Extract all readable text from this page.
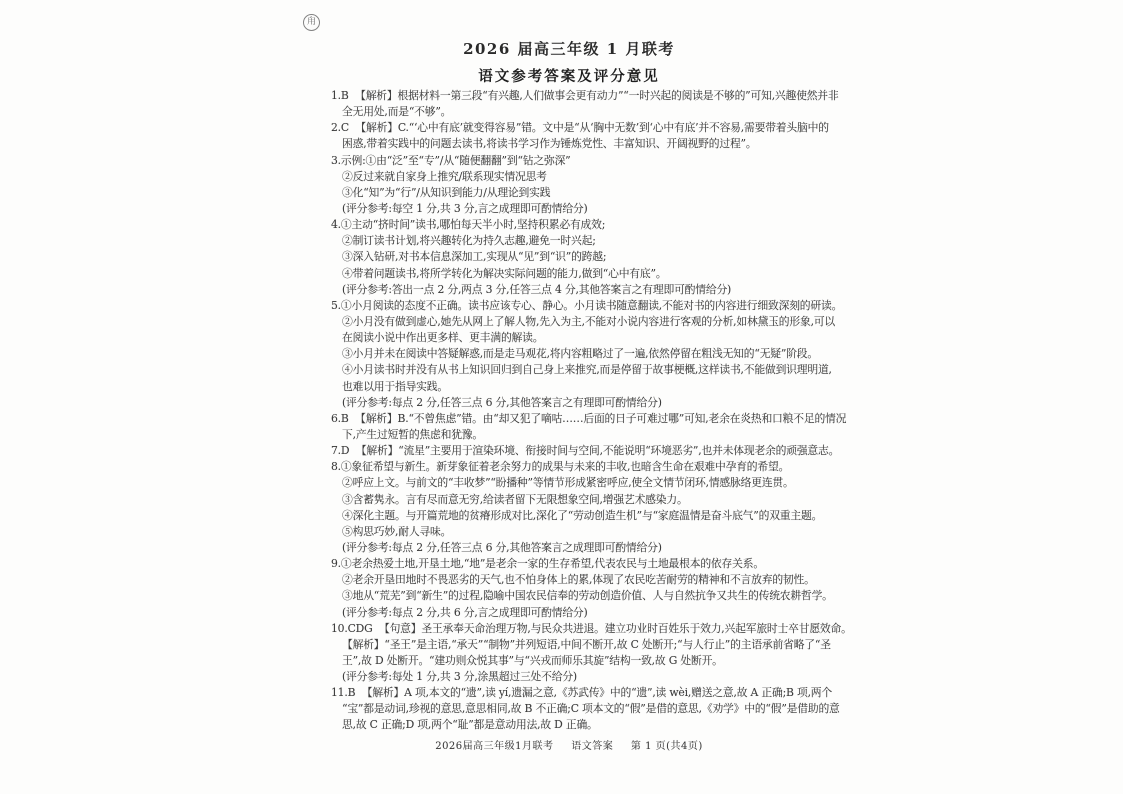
甪
2026 届高三年级 1 月联考
语文参考答案及评分意见
1.B  【解析】根据材料一第三段“有兴趣,人们做事会更有动力”“一时兴起的阅读是不够的”可知,兴趣使然并非
全无用处,而是“不够”。
2.C  【解析】C.“‘心中有底’就变得容易”错。文中是“从‘胸中无数’到‘心中有底’并不容易,需要带着头脑中的
困惑,带着实践中的问题去读书,将读书学习作为锤炼党性、丰富知识、开阔视野的过程”。
3.示例:①由“泛”至“专”/从“随便翻翻”到“钻之弥深”
②反过来就自家身上推究/联系现实情况思考
③化“知”为“行”/从知识到能力/从理论到实践
(评分参考:每空 1 分,共 3 分,言之成理即可酌情给分)
4.①主动“挤时间”读书,哪怕每天半小时,坚持积累必有成效;
②制订读书计划,将兴趣转化为持久志趣,避免一时兴起;
③深入钻研,对书本信息深加工,实现从“见”到“识”的跨越;
④带着问题读书,将所学转化为解决实际问题的能力,做到“心中有底”。
(评分参考:答出一点 2 分,两点 3 分,任答三点 4 分,其他答案言之有理即可酌情给分)
5.①小月阅读的态度不正确。读书应该专心、静心。小月读书随意翻读,不能对书的内容进行细致深刻的研读。
②小月没有做到虚心,她先从网上了解人物,先入为主,不能对小说内容进行客观的分析,如林黛玉的形象,可以
在阅读小说中作出更多样、更丰满的解读。
③小月并未在阅读中答疑解惑,而是走马观花,将内容粗略过了一遍,依然停留在粗浅无知的“无疑”阶段。
④小月读书时并没有从书上知识回归到自己身上来推究,而是停留于故事梗概,这样读书,不能做到识理明道,
也难以用于指导实践。
(评分参考:每点 2 分,任答三点 6 分,其他答案言之有理即可酌情给分)
6.B  【解析】B.“不曾焦虑”错。由“却又犯了嘀咕……后面的日子可难过哪”可知,老余在炎热和口粮不足的情况
下,产生过短暂的焦虑和犹豫。
7.D  【解析】“流星”主要用于渲染环境、衔接时间与空间,不能说明“环境恶劣”,也并未体现老余的顽强意志。
8.①象征希望与新生。新芽象征着老余努力的成果与未来的丰收,也暗含生命在艰难中孕育的希望。
②呼应上文。与前文的“丰收梦”“盼播种”等情节形成紧密呼应,使全文情节闭环,情感脉络更连贯。
③含蓄隽永。言有尽而意无穷,给读者留下无限想象空间,增强艺术感染力。
④深化主题。与开篇荒地的贫瘠形成对比,深化了“劳动创造生机”与“家庭温情是奋斗底气”的双重主题。
⑤构思巧妙,耐人寻味。
(评分参考:每点 2 分,任答三点 6 分,其他答案言之成理即可酌情给分)
9.①老余热爱土地,开垦土地,“地”是老余一家的生存希望,代表农民与土地最根本的依存关系。
②老余开垦田地时不畏恶劣的天气,也不怕身体上的累,体现了农民吃苦耐劳的精神和不言放弃的韧性。
③地从“荒芜”到“新生”的过程,隐喻中国农民信奉的劳动创造价值、人与自然抗争又共生的传统农耕哲学。
(评分参考:每点 2 分,共 6 分,言之成理即可酌情给分)
10.CDG  【句意】圣王承奉天命治理万物,与民众共进退。建立功业时百姓乐于效力,兴起军旅时士卒甘愿效命。
【解析】“圣王”是主语,“承天”“制物”并列短语,中间不断开,故 C 处断开;“与人行止”的主语承前省略了“圣
王”,故 D 处断开。“建功则众悦其事”与“兴戎而师乐其旋”结构一致,故 G 处断开。
(评分参考:每处 1 分,共 3 分,涂黑超过三处不给分)
11.B  【解析】A 项,本文的“遗”,读 yí,遗漏之意,《苏武传》中的“遗”,读 wèi,赠送之意,故 A 正确;B 项,两个
“宝”都是动词,珍视的意思,意思相同,故 B 不正确;C 项本文的“假”是借的意思,《劝学》中的“假”是借助的意
思,故 C 正确;D 项,两个“耻”都是意动用法,故 D 正确。
2026届高三年级1月联考 语文答案 第 1 页(共4页)
